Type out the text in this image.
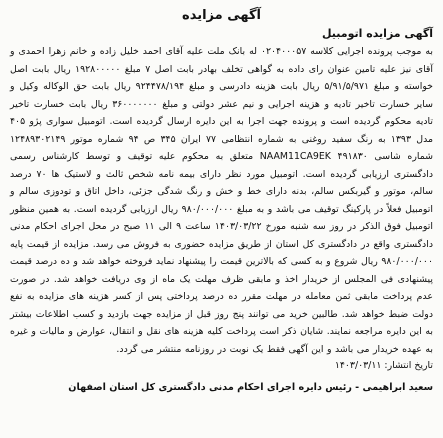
آگهی مزایده
آگهی مزایده اتومبیل

به موجب پرونده اجرایی کلاسه ۰۲۰۴۰۰۰۵۷ له بانک ملت علیه آقای احمد خلیل زاده و خانم زهرا احمدی و آقای نیز علیه تامین عنوان رای داده به گواهی تخلف بهادر بابت اصل ۷ مبلغ ۱۹۲۸۰۰۰۰۰ ریال بابت اصل خواسته و مبلغ ۵/۹۱/۵/۹۷۱ ریال بابت هزینه دادرسی و مبلغ ۹۲۴۴۷۸/۱۹۴ ریال بابت حق الوکاله وکیل و سایر خسارت تاخیر تادیه و هزینه اجرایی و نیم عشر دولتی و مبلغ ۳۶۰۰۰۰۰۰۰ ریال بابت خسارت تاخیر تادیه محکوم گردیده است و پرونده جهت اجرا به این دایره ارسال گردیده است. اتومبیل سواری پژو ۴۰۵ مدل ۱۳۹۳ به رنگ سفید روغنی به شماره انتظامی ۷۷ ایران ۳۴۵ ص ۹۴ شماره موتور ۱۲۴۸۹۳۰۲۱۴۹ شماره شاسی NAAM11CA9EK ۴۹۱۸۳۰ متعلق به محکوم علیه توقیف و توسط کارشناس رسمی دادگستری ارزیابی گردیده است. اتومبیل مورد نظر دارای بیمه نامه شخص ثالث و لاستیک ها ۷۰ درصد سالم، موتور و گیربکس سالم، بدنه دارای خط و خش و رنگ شدگی جزئی، داخل اتاق و تودوزی سالم و اتومبیل فعلاً در پارکینگ توقیف می باشد و به مبلغ ۹۸۰/۰۰۰/۰۰۰ ریال ارزیابی گردیده است. به همین منظور اتومبیل فوق الذکر در روز سه شنبه مورخ ۱۴۰۳/۰۳/۲۲ ساعت ۹ الی ۱۱ صبح در محل اجرای احکام مدنی دادگستری واقع در دادگستری کل استان از طریق مزایده حضوری به فروش می رسد. مزایده از قیمت پایه ۹۸۰/۰۰۰/۰۰۰ ریال شروع و به کسی که بالاترین قیمت را پیشنهاد نماید فروخته خواهد شد و ده درصد قیمت پیشنهادی فی المجلس از خریدار اخذ و مابقی ظرف مهلت یک ماه از وی دریافت خواهد شد. در صورت عدم پرداخت مابقی ثمن معامله در مهلت مقرر ده درصد پرداختی پس از کسر هزینه های مزایده به نفع دولت ضبط خواهد شد. طالبین خرید می توانند پنج روز قبل از مزایده جهت بازدید و کسب اطلاعات بیشتر به این دایره مراجعه نمایند. شایان ذکر است پرداخت کلیه هزینه های نقل و انتقال، عوارض و مالیات و غیره به عهده خریدار می باشد و این آگهی فقط یک نوبت در روزنامه منتشر می گردد.

تاریخ انتشار: ۱۴۰۳/۰۳/۱۱

سعید ابراهیمی - رئیس دایره اجرای احکام مدنی دادگستری کل استان اصفهان
